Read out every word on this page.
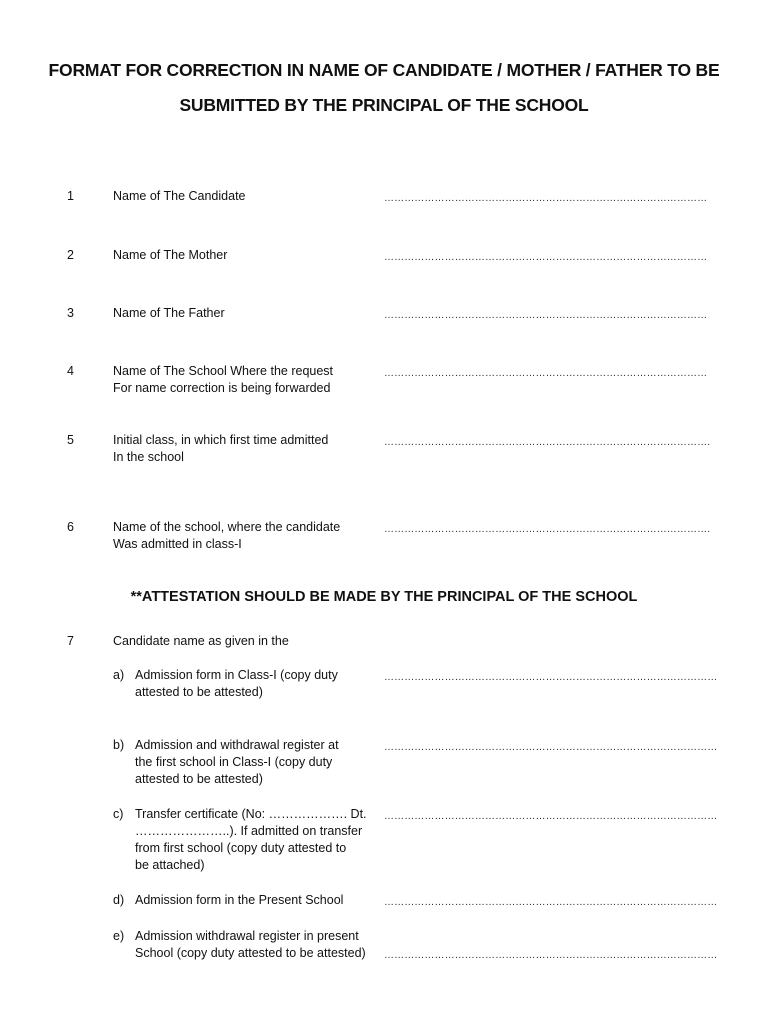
FORMAT FOR CORRECTION IN NAME OF CANDIDATE / MOTHER / FATHER TO BE
SUBMITTED BY THE PRINCIPAL OF THE SCHOOL
1	Name of The Candidate	……………………………………………………………………………………
2	Name of The Mother	……………………………………………………………………………………
3	Name of The Father	……………………………………………………………………………………
4	Name of The School Where the request
For name correction is being forwarded
……………………………………………………………………………………
5	Initial class, in which first time admitted
In the school
…………………………………………………………………………………….
6	Name of the school, where the candidate
Was admitted in class-I
…………………………………………………………………………………….
**ATTESTATION SHOULD BE MADE BY THE PRINCIPAL OF THE SCHOOL
7	Candidate name as given in the
a) Admission form in Class-I (copy duty
attested to be attested)
………………………………………………………………………………………
b) Admission and withdrawal register at
the first school in Class-I (copy duty
attested to be attested)
………………………………………………………………………………………
c) Transfer certificate (No: ………………. Dt.
…………………..). If admitted on transfer
from first school (copy duty attested to
be attached)
………………………………………………………………………………………
d) Admission form in the Present School	………………………………………………………………………………………
e) Admission withdrawal register in present
School (copy duty attested to be attested) ………………………………………………………………………………………
